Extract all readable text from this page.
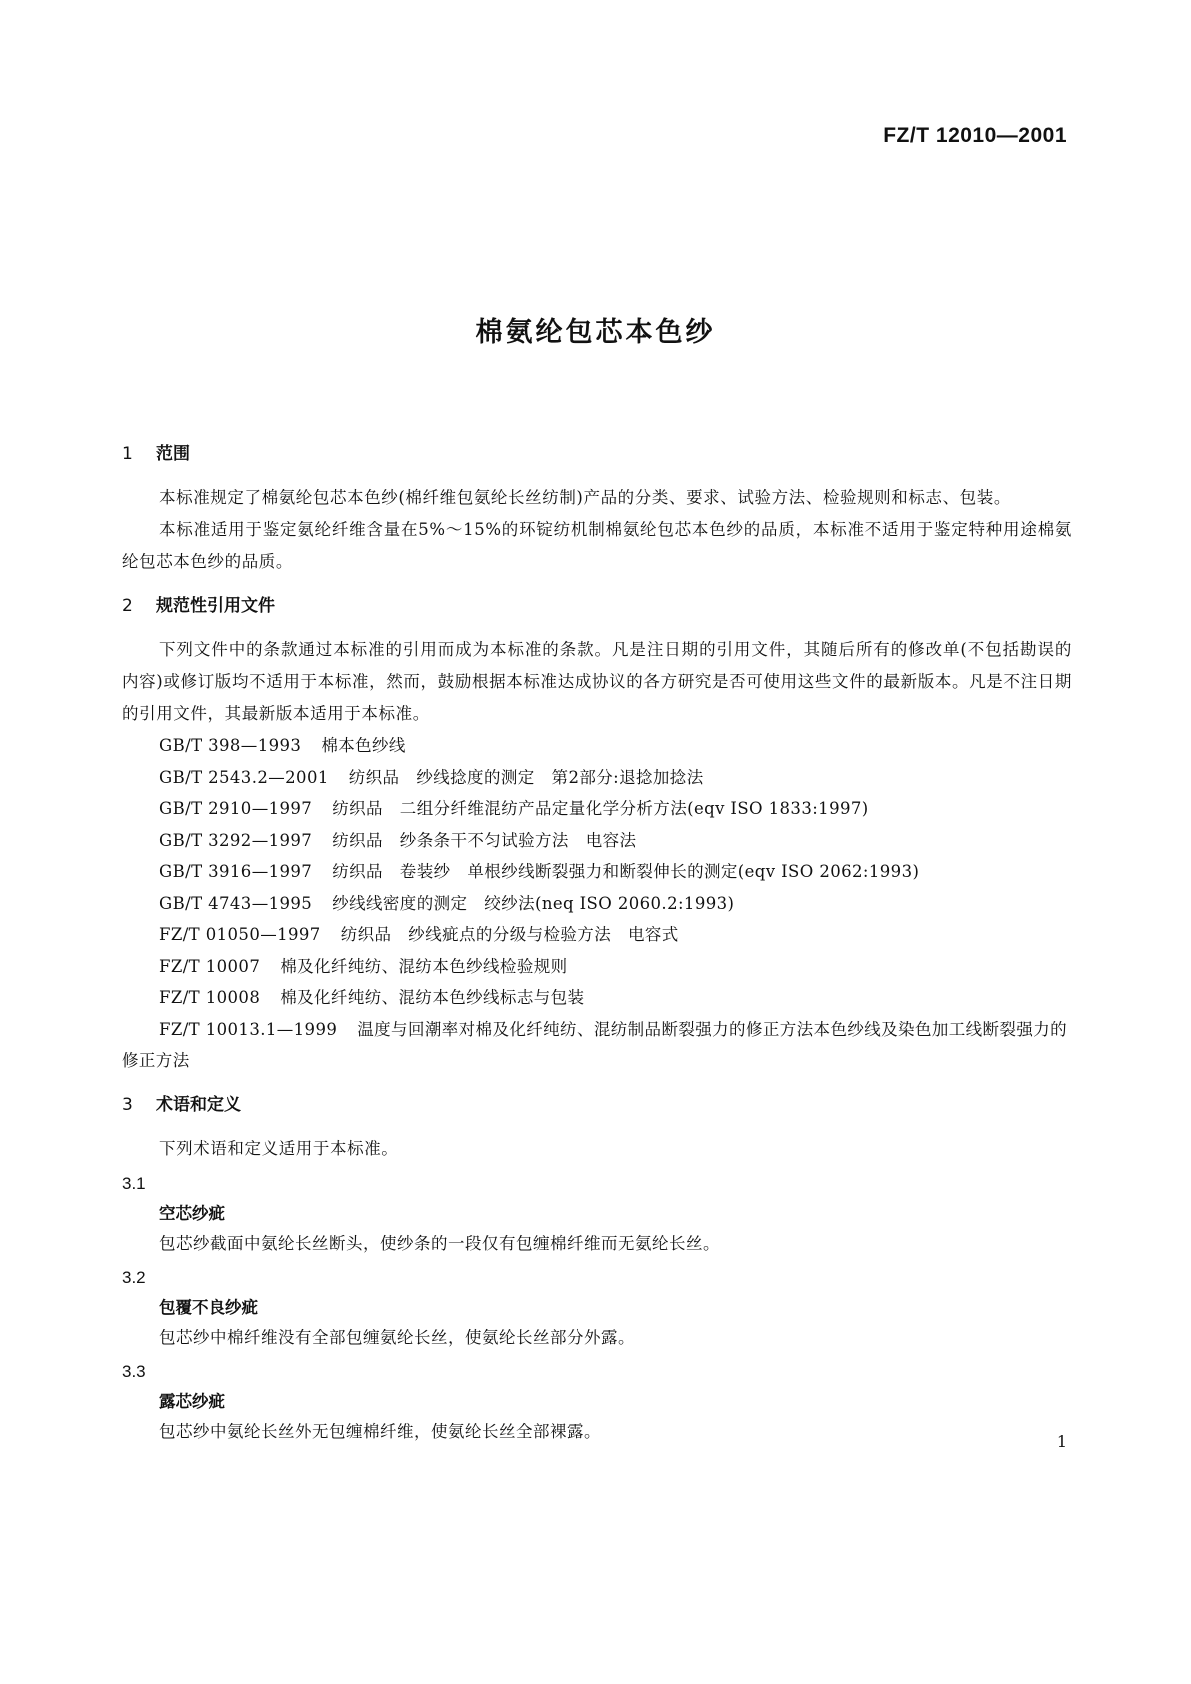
FZ/T 12010—2001
棉氨纶包芯本色纱
1 范围
本标准规定了棉氨纶包芯本色纱(棉纤维包氨纶长丝纺制)产品的分类、要求、试验方法、检验规则和标志、包装。
本标准适用于鉴定氨纶纤维含量在5%～15%的环锭纺机制棉氨纶包芯本色纱的品质，本标准不适用于鉴定特种用途棉氨纶包芯本色纱的品质。
2 规范性引用文件
下列文件中的条款通过本标准的引用而成为本标准的条款。凡是注日期的引用文件，其随后所有的修改单(不包括勘误的内容)或修订版均不适用于本标准，然而，鼓励根据本标准达成协议的各方研究是否可使用这些文件的最新版本。凡是不注日期的引用文件，其最新版本适用于本标准。
GB/T 398—1993 棉本色纱线
GB/T 2543.2—2001 纺织品　纱线捻度的测定　第2部分:退捻加捻法
GB/T 2910—1997 纺织品　二组分纤维混纺产品定量化学分析方法(eqv ISO 1833:1997)
GB/T 3292—1997 纺织品　纱条条干不匀试验方法　电容法
GB/T 3916—1997 纺织品　卷装纱　单根纱线断裂强力和断裂伸长的测定(eqv ISO 2062:1993)
GB/T 4743—1995 纱线线密度的测定　绞纱法(neq ISO 2060.2:1993)
FZ/T 01050—1997 纺织品　纱线疵点的分级与检验方法　电容式
FZ/T 10007 棉及化纤纯纺、混纺本色纱线检验规则
FZ/T 10008 棉及化纤纯纺、混纺本色纱线标志与包装
FZ/T 10013.1—1999 温度与回潮率对棉及化纤纯纺、混纺制品断裂强力的修正方法本色纱线及染色加工线断裂强力的修正方法
3 术语和定义
下列术语和定义适用于本标准。
3.1
空芯纱疵
包芯纱截面中氨纶长丝断头，使纱条的一段仅有包缠棉纤维而无氨纶长丝。
3.2
包覆不良纱疵
包芯纱中棉纤维没有全部包缠氨纶长丝，使氨纶长丝部分外露。
3.3
露芯纱疵
包芯纱中氨纶长丝外无包缠棉纤维，使氨纶长丝全部裸露。
1
